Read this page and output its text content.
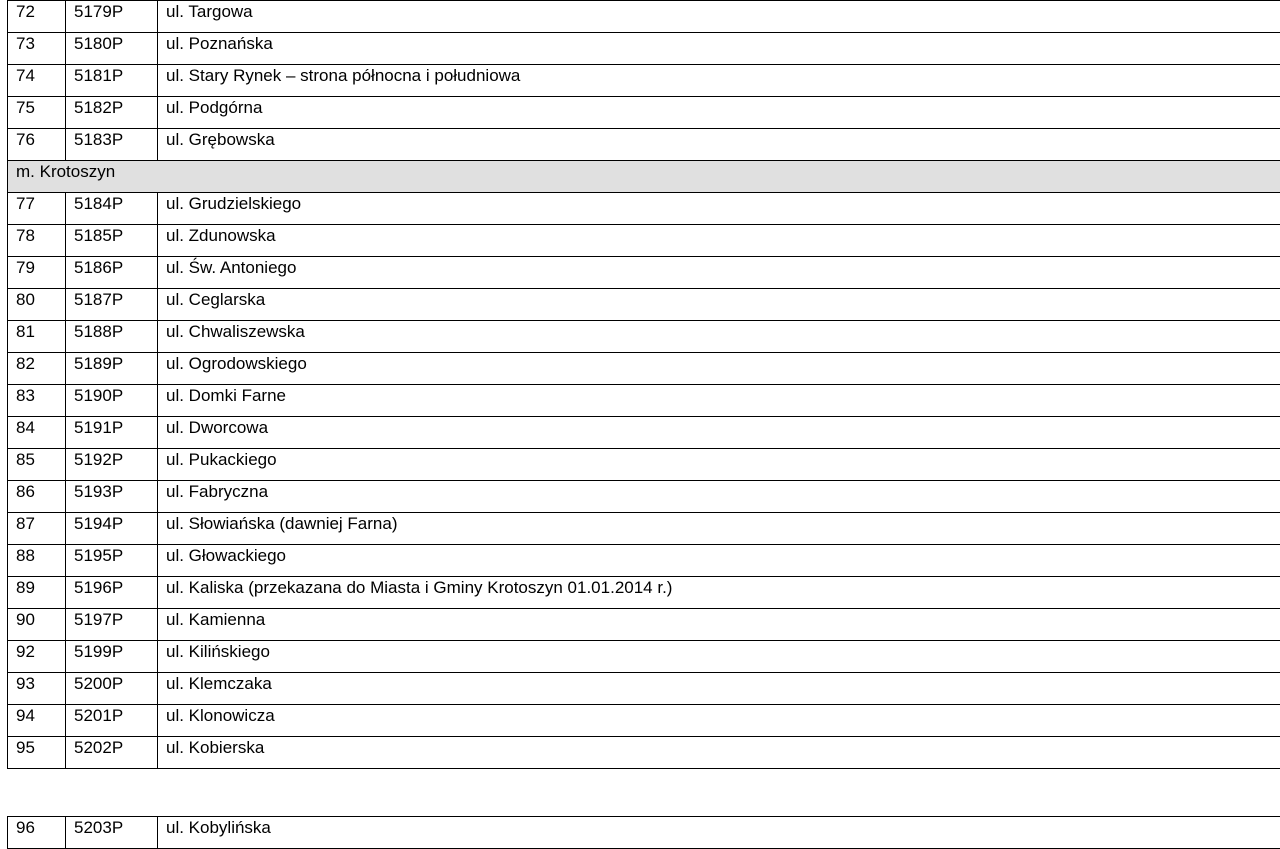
72	5179P	ul. Targowa
73	5180P	ul. Poznańska
74	5181P	ul. Stary Rynek – strona północna i południowa
75	5182P	ul. Podgórna
76	5183P	ul. Grębowska
m. Krotoszyn		
77	5184P	ul. Grudzielskiego
78	5185P	ul. Zdunowska
79	5186P	ul. Św. Antoniego
80	5187P	ul. Ceglarska
81	5188P	ul. Chwaliszewska
82	5189P	ul. Ogrodowskiego
83	5190P	ul. Domki Farne
84	5191P	ul. Dworcowa
85	5192P	ul. Pukackiego
86	5193P	ul. Fabryczna
87	5194P	ul. Słowiańska (dawniej Farna)
88	5195P	ul. Głowackiego
89	5196P	ul. Kaliska (przekazana do Miasta i Gminy Krotoszyn 01.01.2014 r.)
90	5197P	ul. Kamienna
92	5199P	ul. Kilińskiego
93	5200P	ul. Klemczaka
94	5201P	ul. Klonowicza
95	5202P	ul. Kobierska
96	5203P	ul. Kobylińska
